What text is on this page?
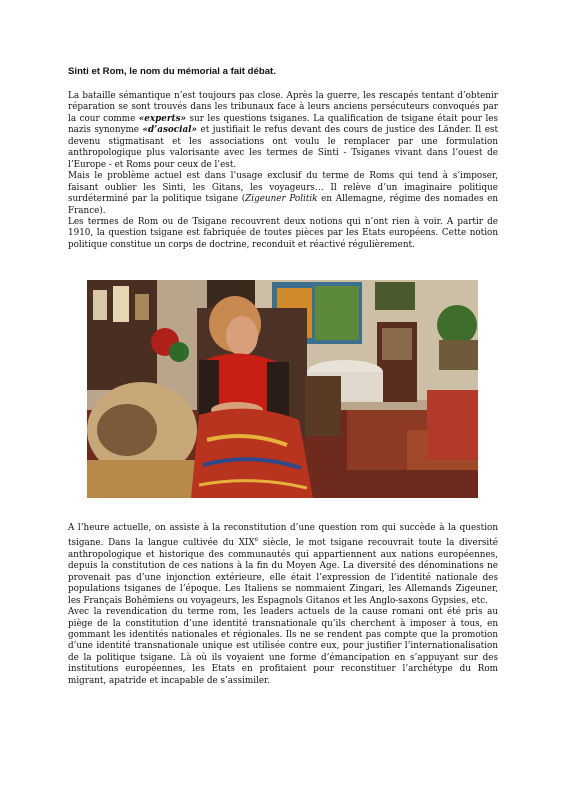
Sinti et Rom, le nom du mémorial a fait débat.

La bataille sémantique n’est toujours pas close. Après la guerre, les rescapés tentant d’obtenir réparation se sont trouvés dans les tribunaux face à leurs anciens persécuteurs convoqués par la cour comme «experts» sur les questions tsiganes. La qualification de tsigane était pour les nazis synonyme «d’asocial» et justifiait le refus devant des cours de justice des Länder. Il est devenu stigmatisant et les associations ont voulu le remplacer par une formulation anthropologique plus valorisante avec les termes de Sinti - Tsiganes vivant dans l’ouest de l’Europe - et Roms pour ceux de l’est.

Mais le problème actuel est dans l’usage exclusif du terme de Roms qui tend à s’imposer, faisant oublier les Sinti, les Gitans, les voyageurs… Il relève d’un imaginaire politique surdéterminé par la politique tsigane (Zigeuner Politik en Allemagne, régime des nomades en France).

Les termes de Rom ou de Tsigane recouvrent deux notions qui n’ont rien à voir. A partir de 1910, la question tsigane est fabriquée de toutes pièces par les Etats européens. Cette notion politique constitue un corps de doctrine, reconduit et réactivé régulièrement.

A l’heure actuelle, on assiste à la reconstitution d’une question rom qui succède à la question tsigane. Dans la langue cultivée du XIXe siècle, le mot tsigane recouvrait toute la diversité anthropologique et historique des communautés qui appartiennent aux nations européennes, depuis la constitution de ces nations à la fin du Moyen Age. La diversité des dénominations ne provenait pas d’une injonction extérieure, elle était l’expression de l’identité nationale des populations tsiganes de l’époque. Les Italiens se nommaient Zingari, les Allemands Zigeuner, les Français Bohémiens ou voyageurs, les Espagnols Gitanos et les Anglo-saxons Gypsies, etc.

Avec la revendication du terme rom, les leaders actuels de la cause romani ont été pris au piège de la constitution d’une identité transnationale qu’ils cherchent à imposer à tous, en gommant les identités nationales et régionales. Ils ne se rendent pas compte que la promotion d’une identité transnationale unique est utilisée contre eux, pour justifier l’internationalisation de la politique tsigane. Là où ils voyaient une forme d’émancipation en s’appuyant sur des institutions européennes, les Etats en profitaient pour reconstituer l’archétype du Rom migrant, apatride et incapable de s’assimiler.
